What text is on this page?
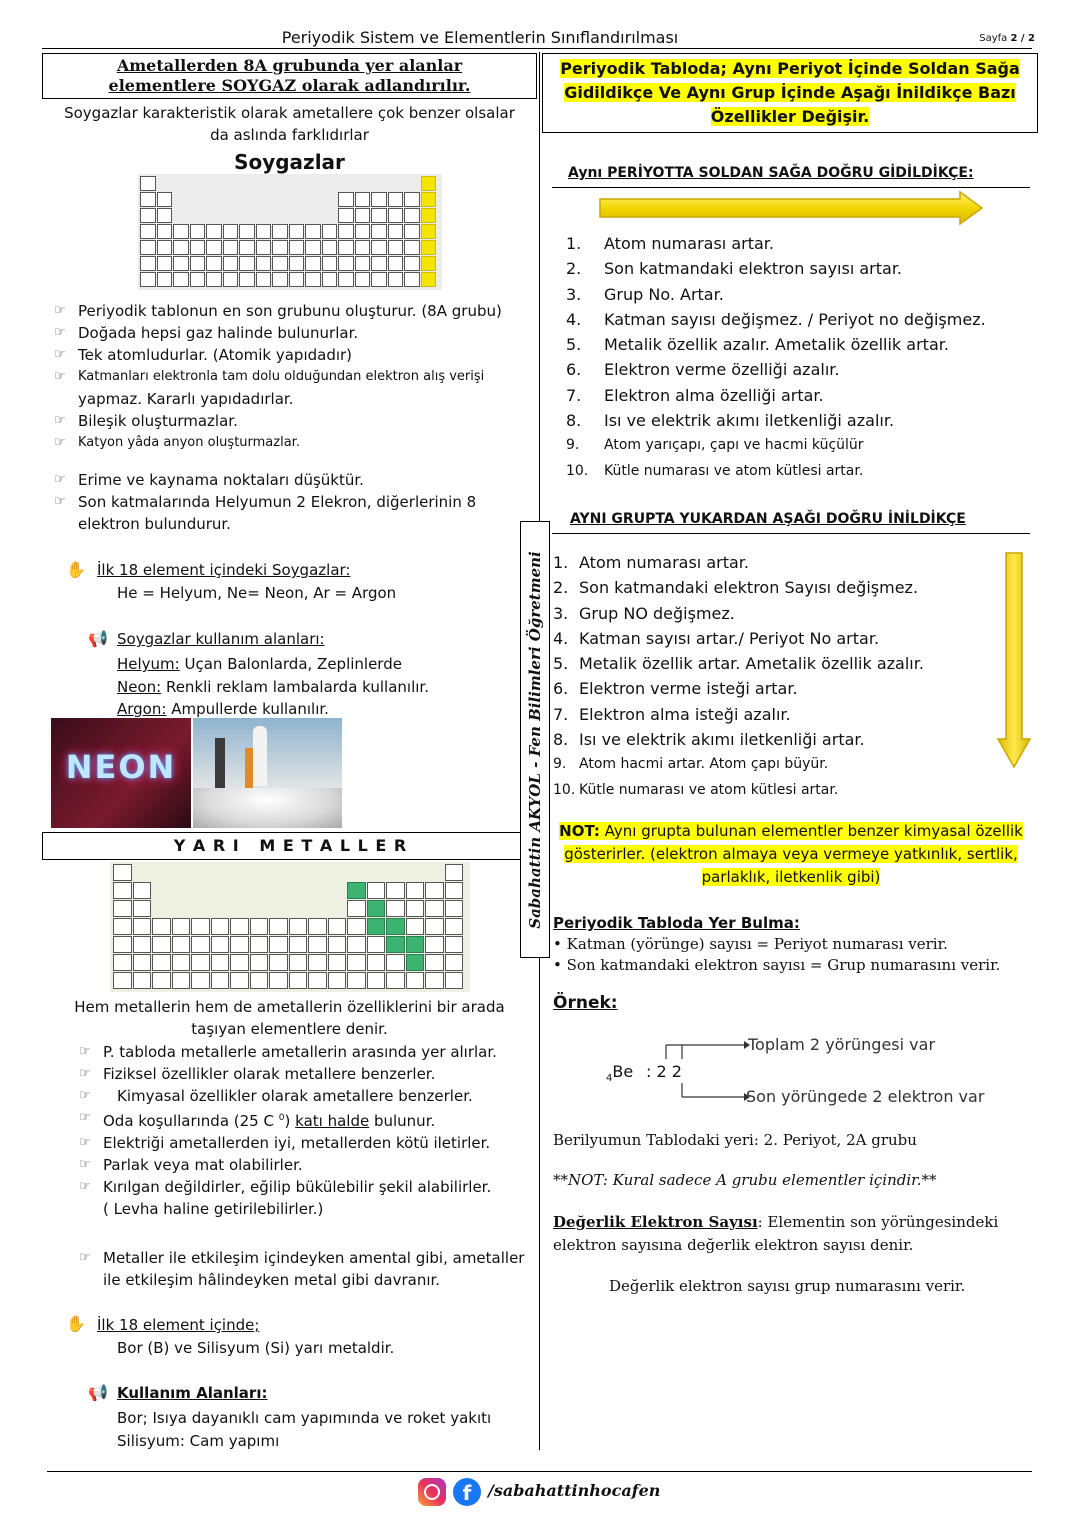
Periyodik Sistem ve Elementlerin Sınıflandırılması	Sayfa 2 / 2
Ametallerden 8A grubunda yer alanlar
elementlere SOYGAZ olarak adlandırılır.
Soygazlar karakteristik olarak ametallere çok benzer olsalar
da aslında farklıdırlar
Soygazlar
☞ Periyodik tablonun en son grubunu oluşturur. (8A grubu)
☞ Doğada hepsi gaz halinde bulunurlar.
☞ Tek atomludurlar. (Atomik yapıdadır)
☞ Katmanları elektronla tam dolu olduğundan elektron alış verişi
yapmaz. Kararlı yapıdadırlar.
☞ Bileşik oluşturmazlar.
☞ Katyon yâda anyon oluşturmazlar.
☞ Erime ve kaynama noktaları düşüktür.
☞ Son katmalarında Helyumun 2 Elekron, diğerlerinin 8
elektron bulundurur.
✋ İlk 18 element içindeki Soygazlar:
He = Helyum, Ne= Neon, Ar = Argon
📢 Soygazlar kullanım alanları:
Helyum: Uçan Balonlarda, Zeplinlerde
Neon: Renkli reklam lambalarda kullanılır.
Argon: Ampullerde kullanılır.
NEON
Y A R I   M E T A L L E R
Hem metallerin hem de ametallerin özelliklerini bir arada
taşıyan elementlere denir.
☞ P. tabloda metallerle ametallerin arasında yer alırlar.
☞ Fiziksel özellikler olarak metallere benzerler.
☞ Kimyasal özellikler olarak ametallere benzerler.
☞ Oda koşullarında (25 C $^0$) katı halde bulunur.
☞ Elektriği ametallerden iyi, metallerden kötü iletirler.
☞ Parlak veya mat olabilirler.
☞ Kırılgan değildirler, eğilip bükülebilir şekil alabilirler.
( Levha haline getirilebilirler.)
☞ Metaller ile etkileşim içindeyken amental gibi, ametaller
ile etkileşim hâlindeyken metal gibi davranır.
✋ İlk 18 element içinde;
Bor (B) ve Silisyum (Si) yarı metaldir.
📢 Kullanım Alanları:
Bor; Isıya dayanıklı cam yapımında ve roket yakıtı
Silisyum: Cam yapımı
Sabahattin AKYOL - Fen Bilimleri Öğretmeni
Periyodik Tabloda; Aynı Periyot İçinde Soldan Sağa
Gidildikçe Ve Aynı Grup İçinde Aşağı İnildikçe Bazı
Özellikler Değişir.
Aynı PERİYOTTA SOLDAN SAĞA DOĞRU GİDİLDİKÇE:
1.	Atom numarası artar.
2.	Son katmandaki elektron sayısı artar.
3.	Grup No. Artar.
4.	Katman sayısı değişmez. / Periyot no değişmez.
5.	Metalik özellik azalır. Ametalik özellik artar.
6.	Elektron verme özelliği azalır.
7.	Elektron alma özelliği artar.
8.	Isı ve elektrik akımı iletkenliği azalır.
9.	Atom yarıçapı, çapı ve hacmi küçülür
10.	Kütle numarası ve atom kütlesi artar.
AYNI GRUPTA YUKARDAN AŞAĞI DOĞRU İNİLDİKÇE
1. Atom numarası artar.
2. Son katmandaki elektron Sayısı değişmez.
3. Grup NO değişmez.
4. Katman sayısı artar./ Periyot No artar.
5. Metalik özellik artar. Ametalik özellik azalır.
6. Elektron verme isteği artar.
7. Elektron alma isteği azalır.
8. Isı ve elektrik akımı iletkenliği artar.
9. Atom hacmi artar. Atom çapı büyür.
10. Kütle numarası ve atom kütlesi artar.
NOT: Aynı grupta bulunan elementler benzer kimyasal özellik
gösterirler. (elektron almaya veya vermeye yatkınlık, sertlik,
parlaklık, iletkenlik gibi)
Periyodik Tabloda Yer Bulma:
• Katman (yörünge) sayısı = Periyot numarası verir.
• Son katmandaki elektron sayısı = Grup numarasını verir.
Örnek:
$_4$Be : 2 2
Toplam 2 yörüngesi var
Son yörüngede 2 elektron var
Berilyumun Tablodaki yeri: 2. Periyot, 2A grubu
**NOT: Kural sadece A grubu elementler içindir.**
Değerlik Elektron Sayısı: Elementin son yörüngesindeki
elektron sayısına değerlik elektron sayısı denir.
Değerlik elektron sayısı grup numarasını verir.
f	/sabahattinhocafen
